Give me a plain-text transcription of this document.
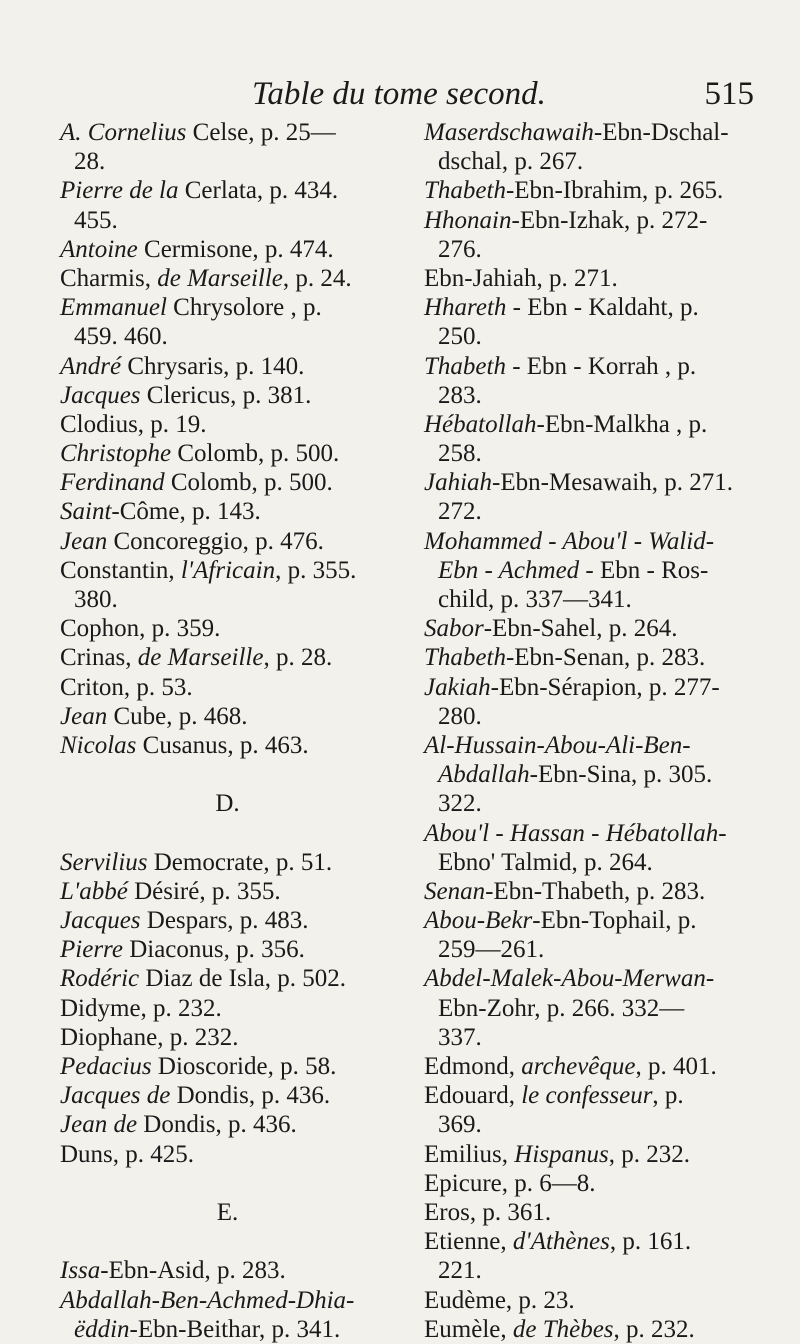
Table du tome second.	515
A. Cornelius Celse, p. 25—
28.
Pierre de la Cerlata, p. 434.
455.
Antoine Cermisone, p. 474.
Charmis, de Marseille, p. 24.
Emmanuel Chrysolore , p.
459. 460.
André Chrysaris, p. 140.
Jacques Clericus, p. 381.
Clodius, p. 19.
Christophe Colomb, p. 500.
Ferdinand Colomb, p. 500.
Saint-Côme, p. 143.
Jean Concoreggio, p. 476.
Constantin, l'Africain, p. 355.
380.
Cophon, p. 359.
Crinas, de Marseille, p. 28.
Criton, p. 53.
Jean Cube, p. 468.
Nicolas Cusanus, p. 463.
D.
Servilius Democrate, p. 51.
L'abbé Désiré, p. 355.
Jacques Despars, p. 483.
Pierre Diaconus, p. 356.
Rodéric Diaz de Isla, p. 502.
Didyme, p. 232.
Diophane, p. 232.
Pedacius Dioscoride, p. 58.
Jacques de Dondis, p. 436.
Jean de Dondis, p. 436.
Duns, p. 425.
E.
Issa-Ebn-Asid, p. 283.
Abdallah-Ben-Achmed-Dhia-
ëddin-Ebn-Beithar, p. 341.
Maserdschawaih-Ebn-Dschal-
dschal, p. 267.
Thabeth-Ebn-Ibrahim, p. 265.
Hhonain-Ebn-Izhak, p. 272-
276.
Ebn-Jahiah, p. 271.
Hhareth - Ebn - Kaldaht, p.
250.
Thabeth - Ebn - Korrah , p.
283.
Hébatollah-Ebn-Malkha , p.
258.
Jahiah-Ebn-Mesawaih, p. 271.
272.
Mohammed - Abou'l - Walid-
Ebn - Achmed - Ebn - Ros-
child, p. 337—341.
Sabor-Ebn-Sahel, p. 264.
Thabeth-Ebn-Senan, p. 283.
Jakiah-Ebn-Sérapion, p. 277-
280.
Al-Hussain-Abou-Ali-Ben-
Abdallah-Ebn-Sina, p. 305.
322.
Abou'l - Hassan - Hébatollah-
Ebno' Talmid, p. 264.
Senan-Ebn-Thabeth, p. 283.
Abou-Bekr-Ebn-Tophail, p.
259—261.
Abdel-Malek-Abou-Merwan-
Ebn-Zohr, p. 266. 332—
337.
Edmond, archevêque, p. 401.
Edouard, le confesseur, p.
369.
Emilius, Hispanus, p. 232.
Epicure, p. 6—8.
Eros, p. 361.
Etienne, d'Athènes, p. 161.
221.
Eudème, p. 23.
Eumèle, de Thèbes, p. 232.
